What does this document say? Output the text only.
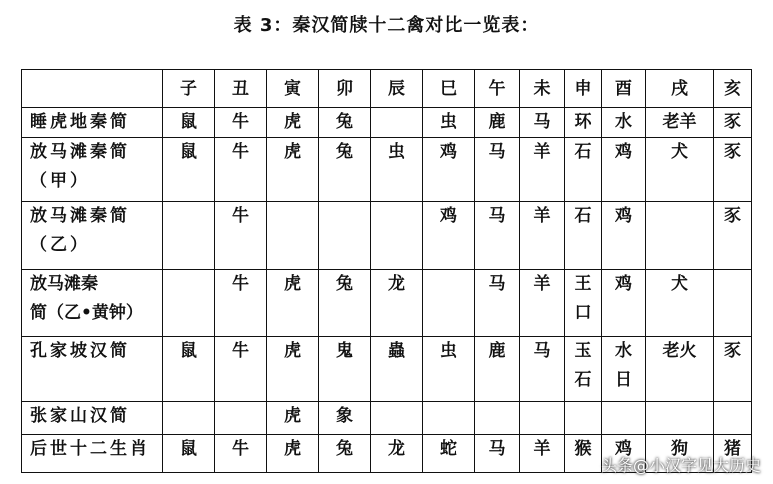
表 3：秦汉简牍十二禽对比一览表：
	子	丑	寅	卯	辰	巳	午	未	申	酉	戌	亥

睡虎地秦简	鼠	牛	虎	兔		虫	鹿	马	环	水	老羊	豕

放马滩秦简
（甲）	鼠	牛	虎	兔	虫	鸡	马	羊	石	鸡	犬	豕

放马滩秦简
（乙）		牛				鸡	马	羊	石	鸡		豕

放马滩秦
简（乙•黄钟）		牛	虎	兔	龙		马	羊	王
口	鸡	犬	

孔家坡汉简	鼠	牛	虎	鬼	蟲	虫	鹿	马	玉
石	水
日	老火	豕

张家山汉简			虎	象								

后世十二生肖	鼠	牛	虎	兔	龙	蛇	马	羊	猴	鸡	狗	猪
头条@小汉字见大历史
